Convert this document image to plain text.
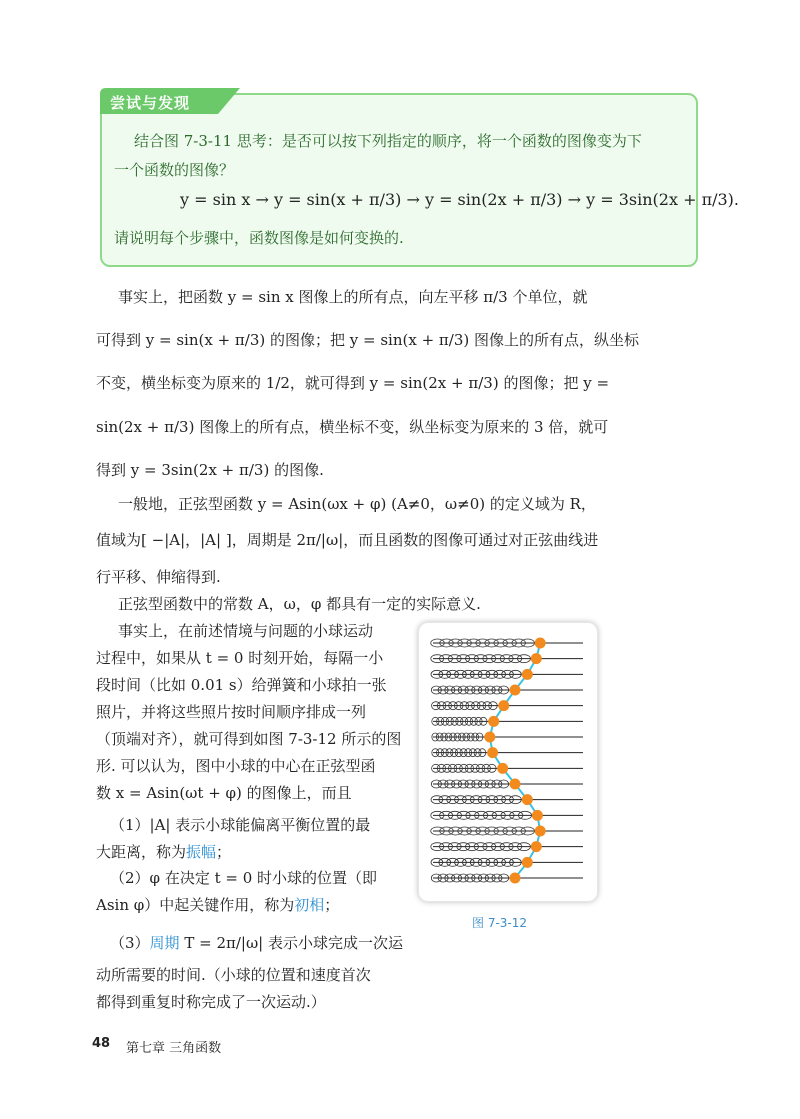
尝试与发现
结合图 7-3-11 思考：是否可以按下列指定的顺序，将一个函数的图像变为下
一个函数的图像？
y = sin x → y = sin(x + π/3) → y = sin(2x + π/3) → y = 3sin(2x + π/3).
请说明每个步骤中，函数图像是如何变换的.
事实上，把函数 y = sin x 图像上的所有点，向左平移 π/3 个单位，就
可得到 y = sin(x + π/3) 的图像；把 y = sin(x + π/3) 图像上的所有点，纵坐标
不变，横坐标变为原来的 1/2，就可得到 y = sin(2x + π/3) 的图像；把 y =
sin(2x + π/3) 图像上的所有点，横坐标不变，纵坐标变为原来的 3 倍，就可
得到 y = 3sin(2x + π/3) 的图像.
一般地，正弦型函数 y = Asin(ωx + φ) (A≠0，ω≠0) 的定义域为 R，
值域为[ −|A|，|A| ]，周期是 2π/|ω|，而且函数的图像可通过对正弦曲线进
行平移、伸缩得到.
正弦型函数中的常数 A，ω，φ 都具有一定的实际意义.
事实上，在前述情境与问题的小球运动
过程中，如果从 t = 0 时刻开始，每隔一小
段时间（比如 0.01 s）给弹簧和小球拍一张
照片，并将这些照片按时间顺序排成一列
（顶端对齐），就可得到如图 7-3-12 所示的图
形. 可以认为，图中小球的中心在正弦型函
数 x = Asin(ωt + φ) 的图像上，而且
（1）|A| 表示小球能偏离平衡位置的最
大距离，称为振幅；
（2）φ 在决定 t = 0 时小球的位置（即
Asin φ）中起关键作用，称为初相；
（3）周期 T = 2π/|ω| 表示小球完成一次运
动所需要的时间.（小球的位置和速度首次
都得到重复时称完成了一次运动.）
图 7-3-12
48 第七章 三角函数
